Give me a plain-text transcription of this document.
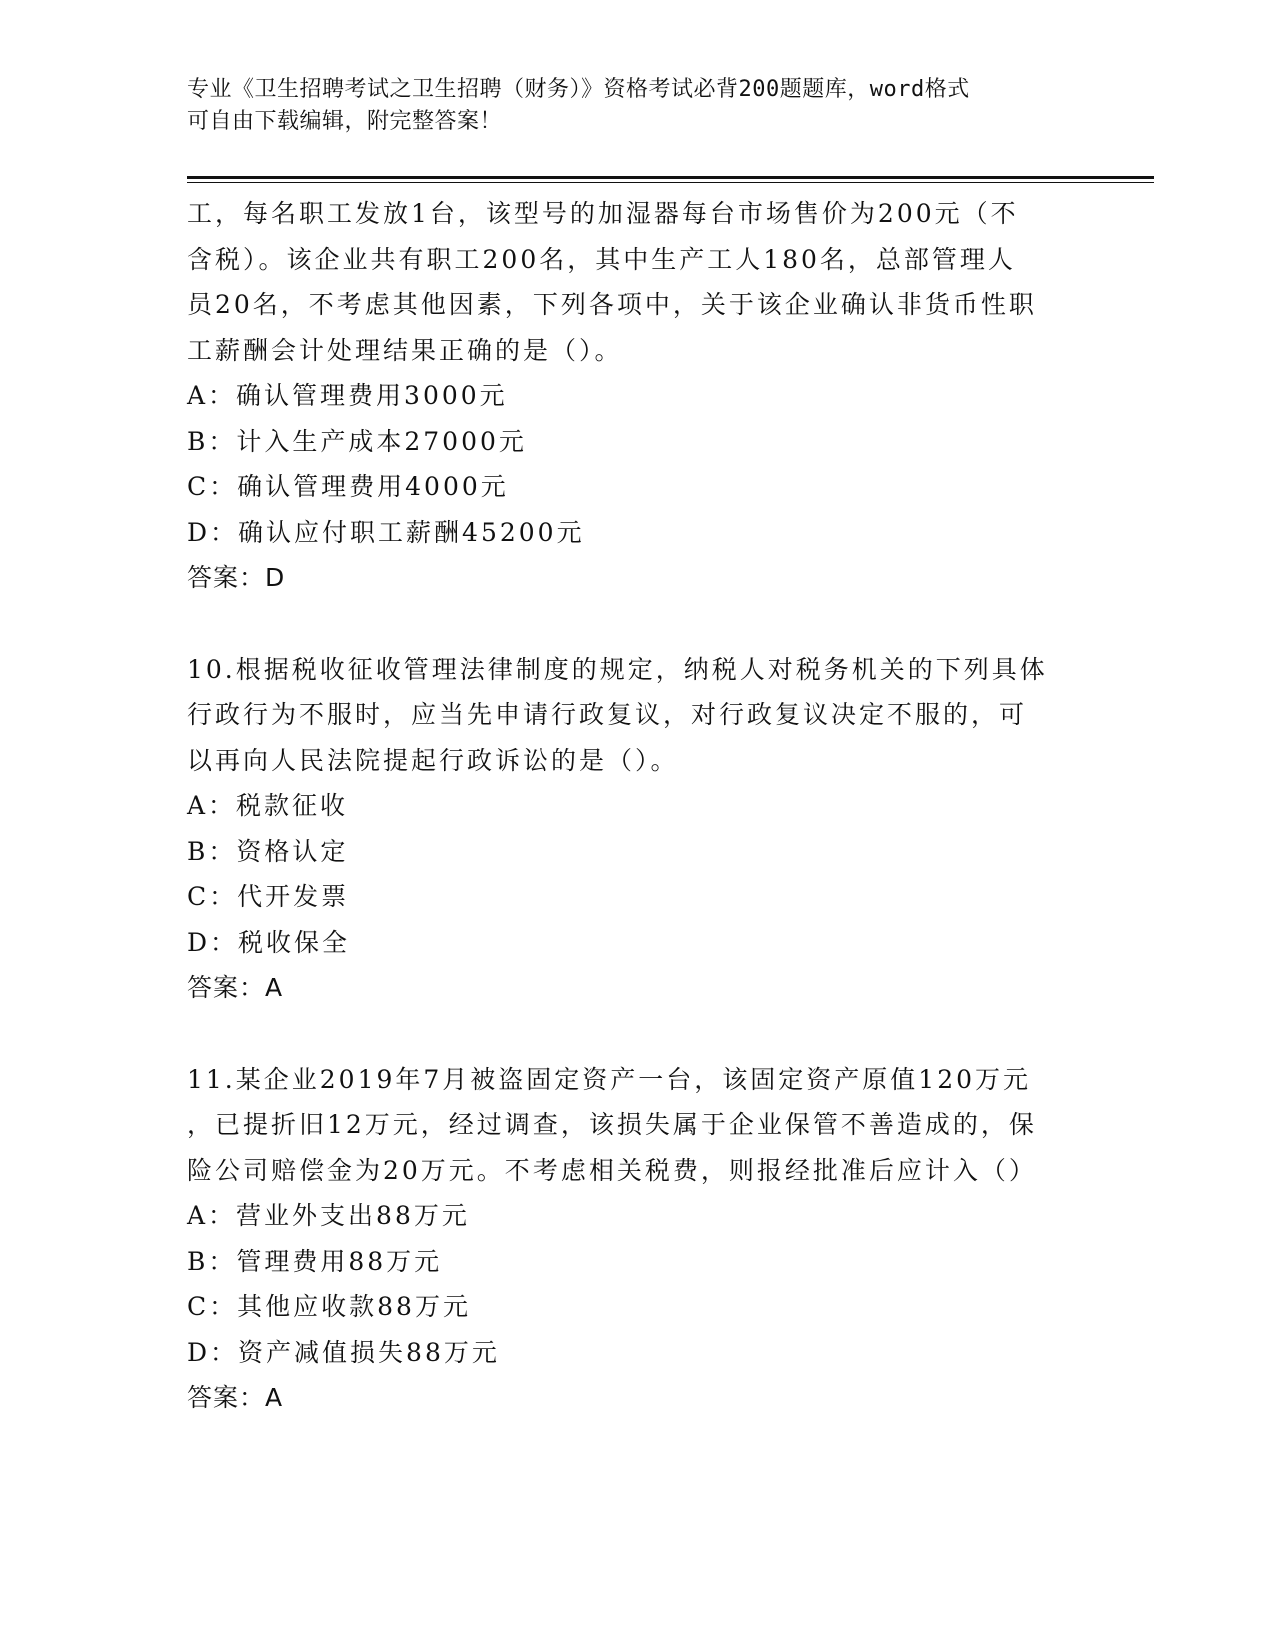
专业《卫生招聘考试之卫生招聘（财务）》资格考试必背200题题库，word格式
可自由下载编辑，附完整答案！
工，每名职工发放1台，该型号的加湿器每台市场售价为200元（不
含税）。该企业共有职工200名，其中生产工人180名，总部管理人
员20名，不考虑其他因素，下列各项中，关于该企业确认非货币性职
工薪酬会计处理结果正确的是（）。
A：确认管理费用3000元
B：计入生产成本27000元
C：确认管理费用4000元
D：确认应付职工薪酬45200元
答案：D
10.根据税收征收管理法律制度的规定，纳税人对税务机关的下列具体
行政行为不服时，应当先申请行政复议，对行政复议决定不服的，可
以再向人民法院提起行政诉讼的是（）。
A：税款征收
B：资格认定
C：代开发票
D：税收保全
答案：A
11.某企业2019年7月被盗固定资产一台，该固定资产原值120万元
，已提折旧12万元，经过调查，该损失属于企业保管不善造成的，保
险公司赔偿金为20万元。不考虑相关税费，则报经批准后应计入（）
A：营业外支出88万元
B：管理费用88万元
C：其他应收款88万元
D：资产减值损失88万元
答案：A
